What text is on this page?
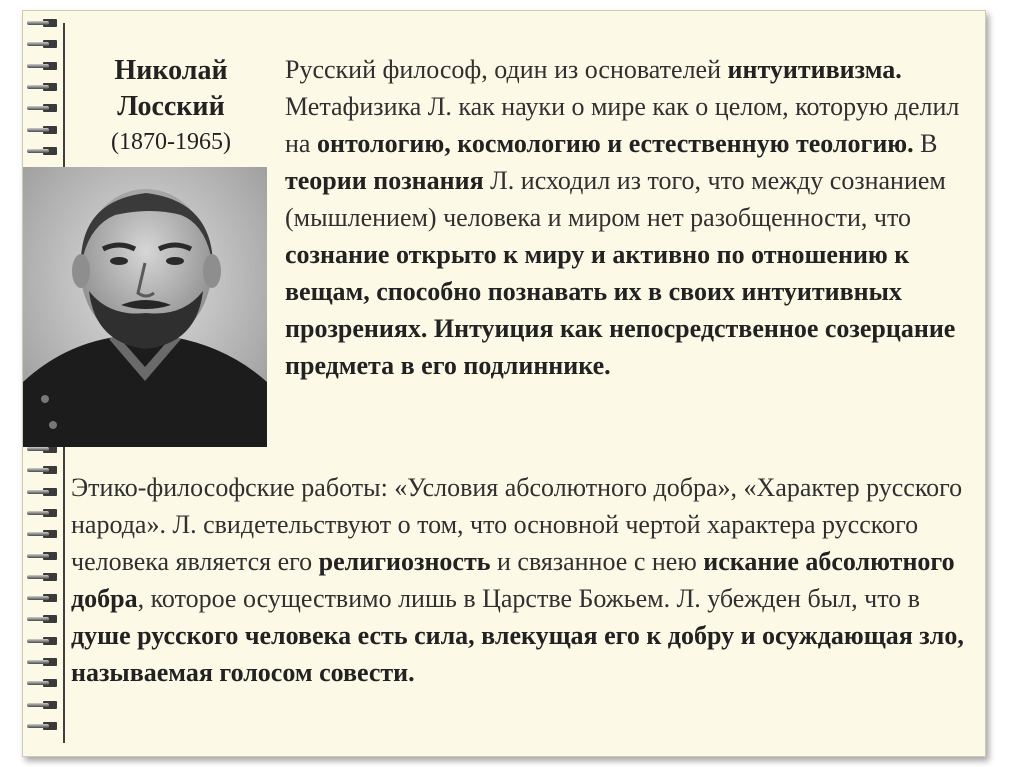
Николай
Лосский
(1870-1965)
Русский философ, один из основателей интуитивизма. Метафизика Л. как науки о мире как о целом, которую делил на онтологию, космологию и естественную теологию. В теории познания Л. исходил из того, что между сознанием (мышлением) человека и миром нет разобщенности, что сознание открыто к миру и активно по отношению к вещам, способно познавать их в своих интуитивных прозрениях. Интуиция как непосредственное созерцание предмета в его подлиннике.
Этико-философские работы: «Условия абсолютного добра», «Характер русского народа». Л. свидетельствуют о том, что основной чертой характера русского человека является его религиозность и связанное с нею искание абсолютного добра, которое осуществимо лишь в Царстве Божьем. Л. убежден был, что в душе русского человека есть сила, влекущая его к добру и осуждающая зло, называемая голосом совести.
